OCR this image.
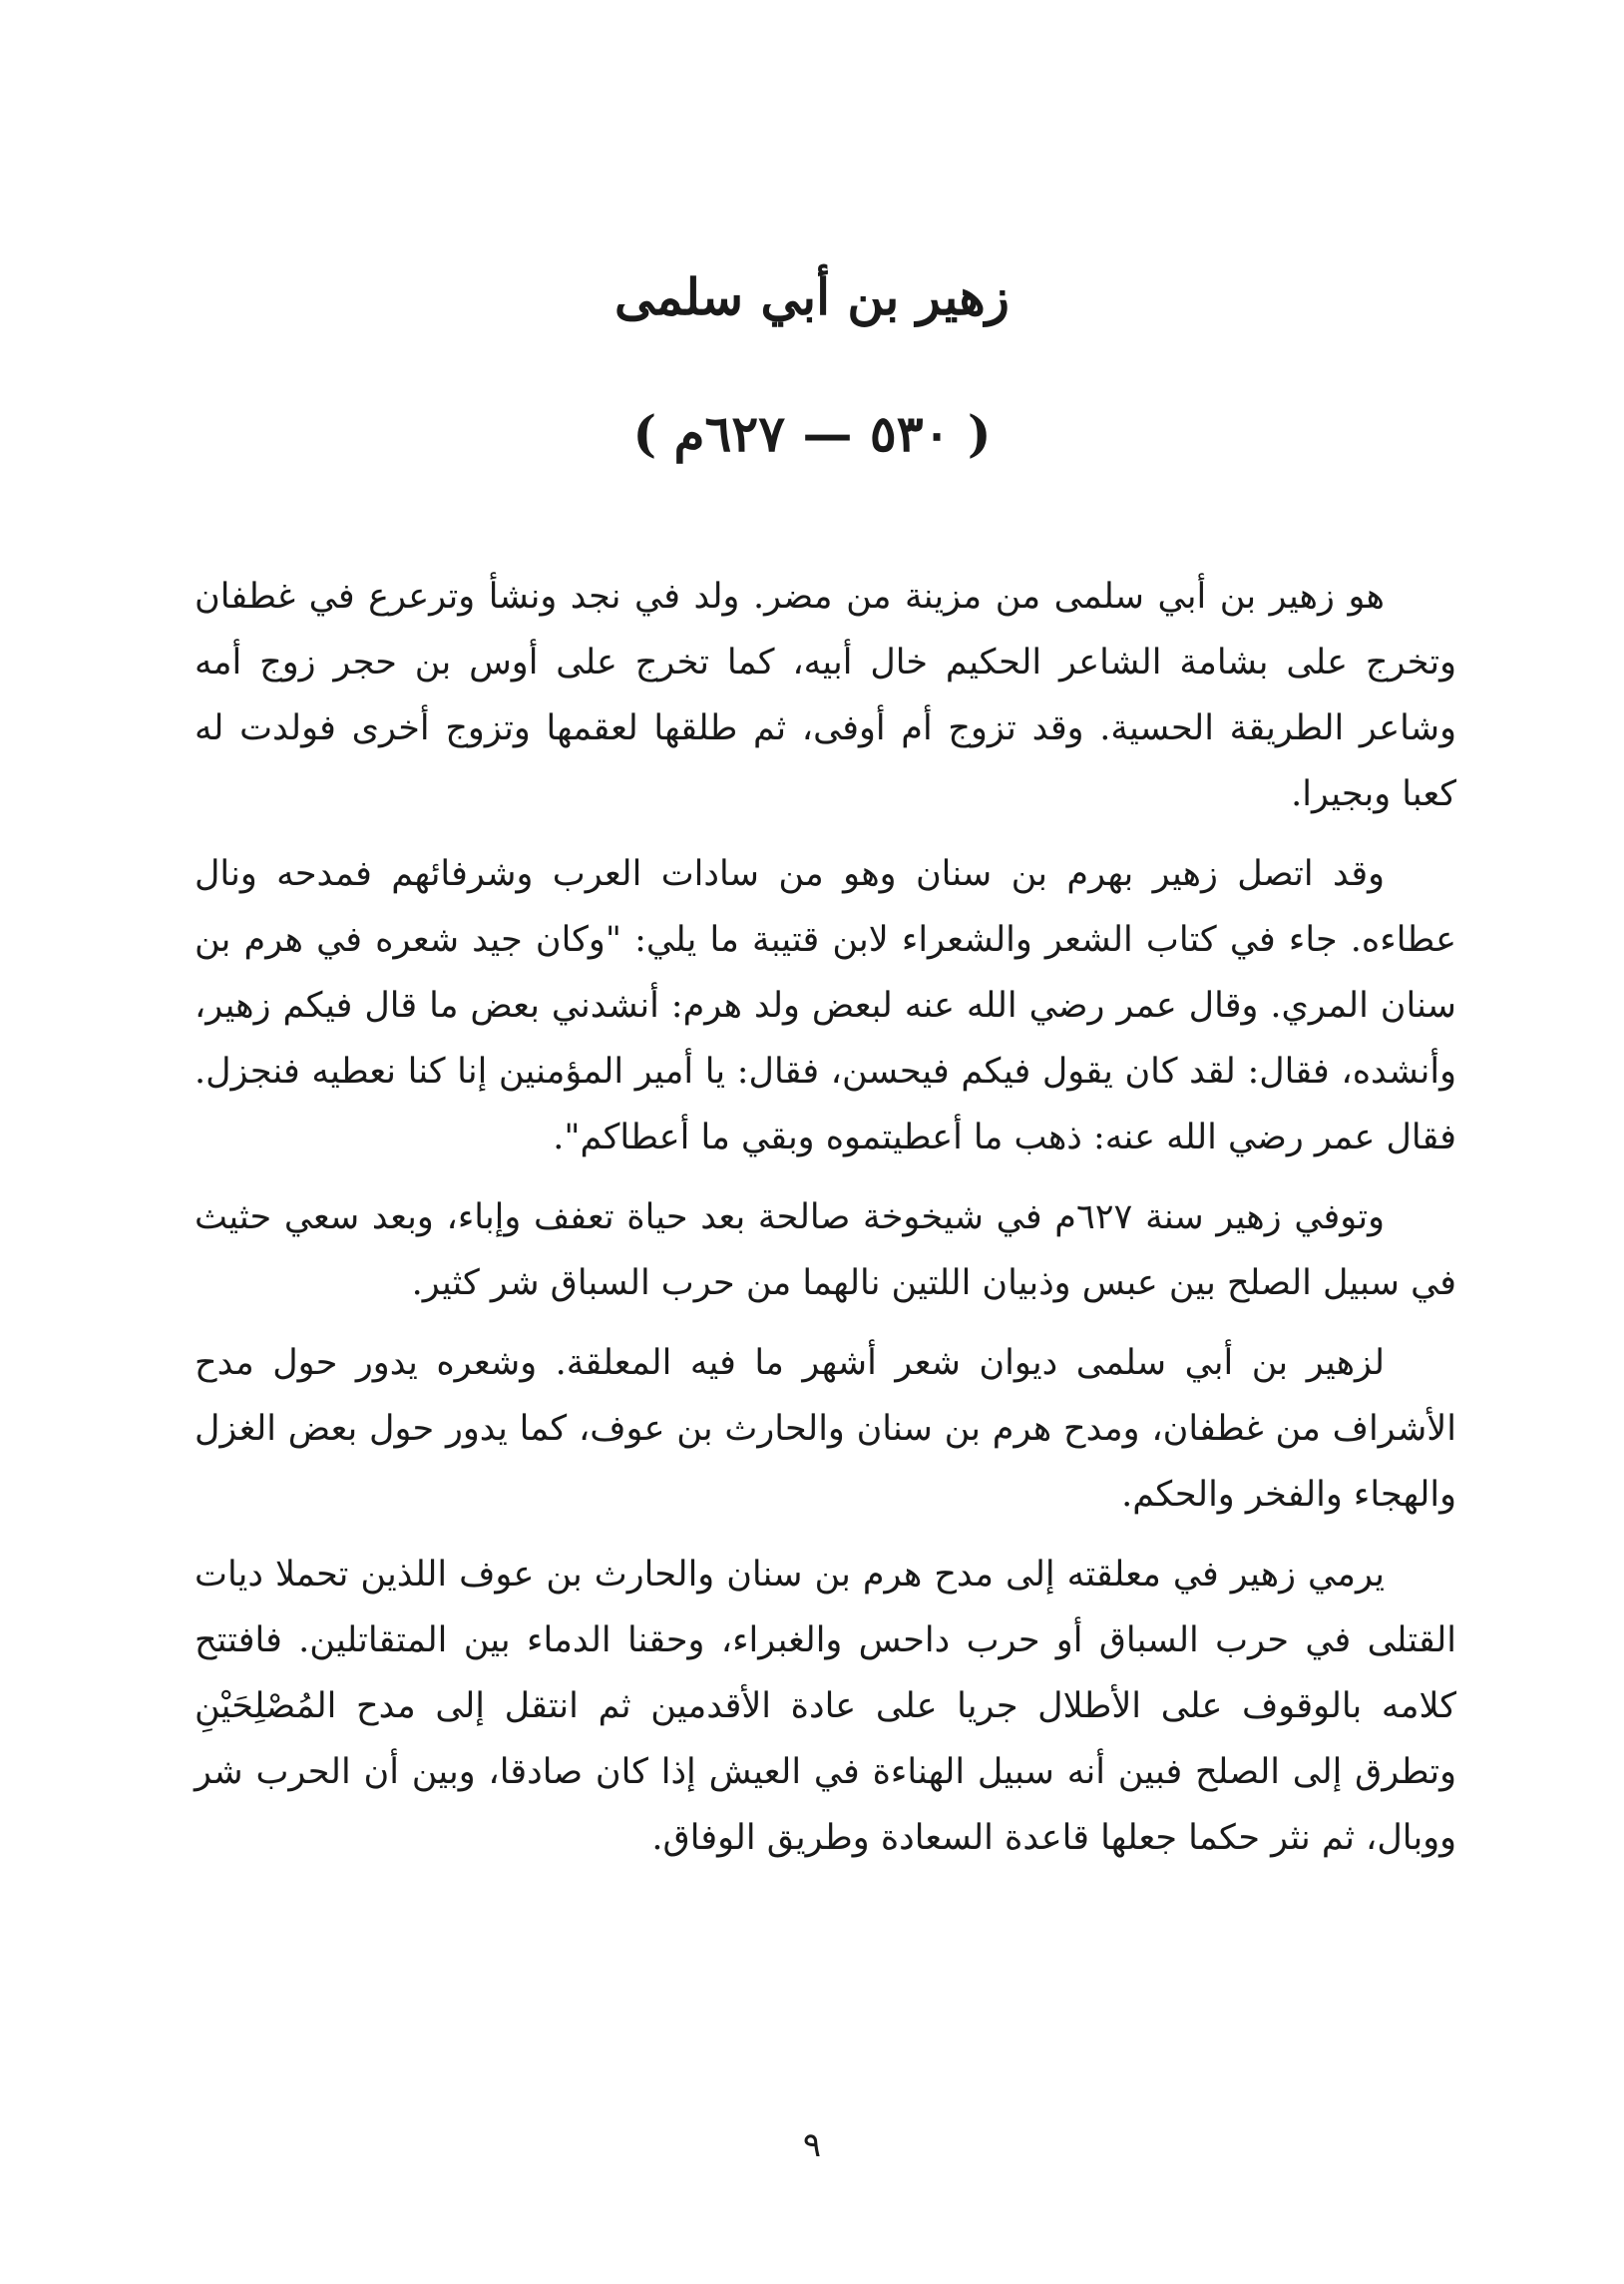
زهير بن أبي سلمى
( ٥٣٠ — ٦٢٧م )

هو زهير بن أبي سلمى من مزينة من مضر. ولد في نجد ونشأ وترعرع في غطفان وتخرج على بشامة الشاعر الحكيم خال أبيه، كما تخرج على أوس بن حجر زوج أمه وشاعر الطريقة الحسية. وقد تزوج أم أوفى، ثم طلقها لعقمها وتزوج أخرى فولدت له كعبا وبجيرا.

وقد اتصل زهير بهرم بن سنان وهو من سادات العرب وشرفائهم فمدحه ونال عطاءه. جاء في كتاب الشعر والشعراء لابن قتيبة ما يلي: "وكان جيد شعره في هرم بن سنان المري. وقال عمر رضي الله عنه لبعض ولد هرم: أنشدني بعض ما قال فيكم زهير، وأنشده، فقال: لقد كان يقول فيكم فيحسن، فقال: يا أمير المؤمنين إنا كنا نعطيه فنجزل. فقال عمر رضي الله عنه: ذهب ما أعطيتموه وبقي ما أعطاكم".

وتوفي زهير سنة ٦٢٧م في شيخوخة صالحة بعد حياة تعفف وإباء، وبعد سعي حثيث في سبيل الصلح بين عبس وذبيان اللتين نالهما من حرب السباق شر كثير.

لزهير بن أبي سلمى ديوان شعر أشهر ما فيه المعلقة. وشعره يدور حول مدح الأشراف من غطفان، ومدح هرم بن سنان والحارث بن عوف، كما يدور حول بعض الغزل والهجاء والفخر والحكم.

يرمي زهير في معلقته إلى مدح هرم بن سنان والحارث بن عوف اللذين تحملا ديات القتلى في حرب السباق أو حرب داحس والغبراء، وحقنا الدماء بين المتقاتلين. فافتتح كلامه بالوقوف على الأطلال جريا على عادة الأقدمين ثم انتقل إلى مدح المُصْلِحَيْنِ وتطرق إلى الصلح فبين أنه سبيل الهناءة في العيش إذا كان صادقا، وبين أن الحرب شر ووبال، ثم نثر حكما جعلها قاعدة السعادة وطريق الوفاق.

٩
